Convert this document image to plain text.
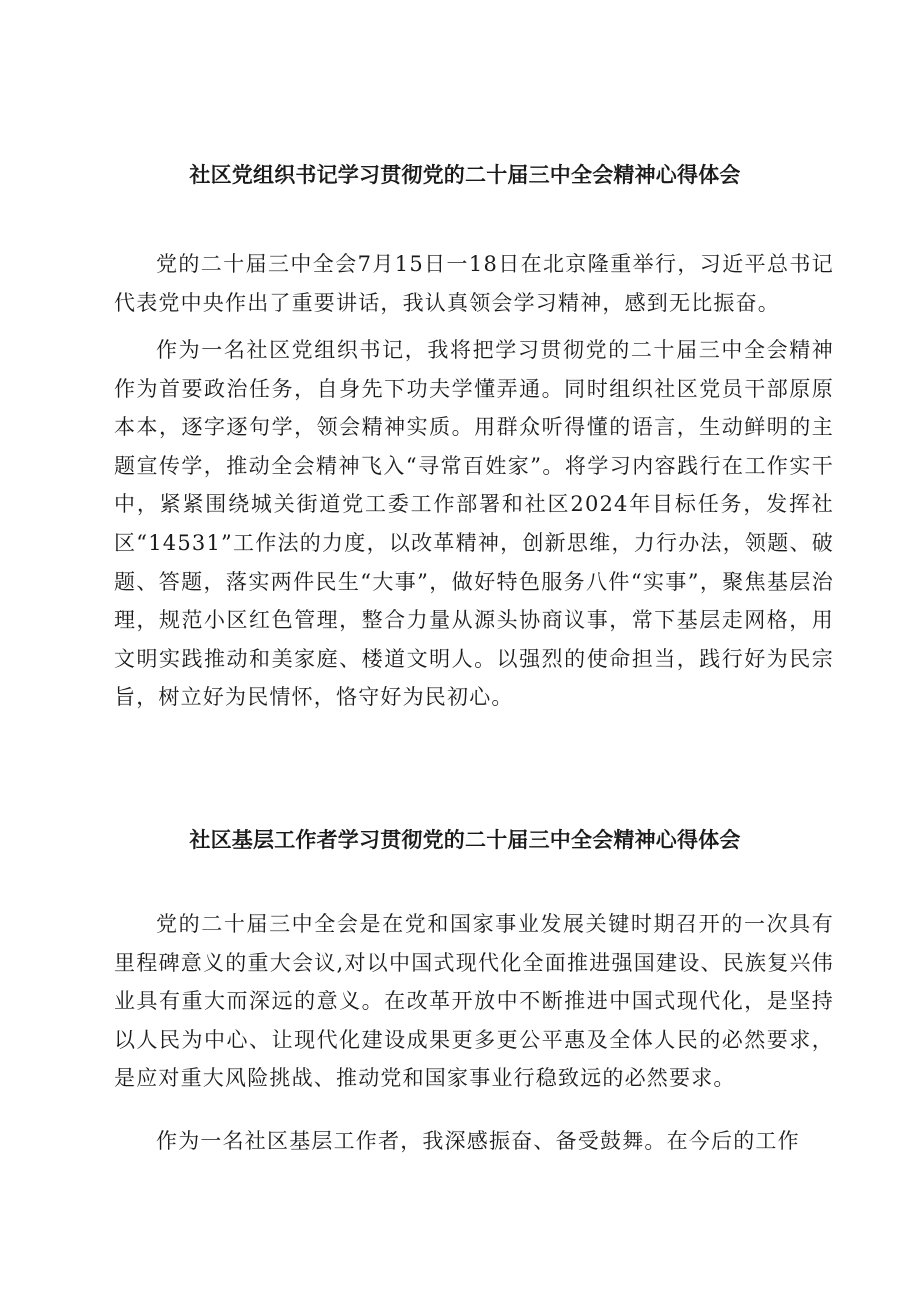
社区党组织书记学习贯彻党的二十届三中全会精神心得体会

党的二十届三中全会7月15日一18日在北京隆重举行，习近平总书记代表党中央作出了重要讲话，我认真领会学习精神，感到无比振奋。

作为一名社区党组织书记，我将把学习贯彻党的二十届三中全会精神作为首要政治任务，自身先下功夫学懂弄通。同时组织社区党员干部原原本本，逐字逐句学，领会精神实质。用群众听得懂的语言，生动鲜明的主题宣传学，推动全会精神飞入“寻常百姓家”。将学习内容践行在工作实干中，紧紧围绕城关街道党工委工作部署和社区2024年目标任务，发挥社区“14531”工作法的力度，以改革精神，创新思维，力行办法，领题、破题、答题，落实两件民生“大事”，做好特色服务八件“实事”，聚焦基层治理，规范小区红色管理，整合力量从源头协商议事，常下基层走网格，用文明实践推动和美家庭、楼道文明人。以强烈的使命担当，践行好为民宗旨，树立好为民情怀，恪守好为民初心。

社区基层工作者学习贯彻党的二十届三中全会精神心得体会

党的二十届三中全会是在党和国家事业发展关键时期召开的一次具有里程碑意义的重大会议,对以中国式现代化全面推进强国建设、民族复兴伟业具有重大而深远的意义。在改革开放中不断推进中国式现代化，是坚持以人民为中心、让现代化建设成果更多更公平惠及全体人民的必然要求，是应对重大风险挑战、推动党和国家事业行稳致远的必然要求。

作为一名社区基层工作者，我深感振奋、备受鼓舞。在今后的工作
